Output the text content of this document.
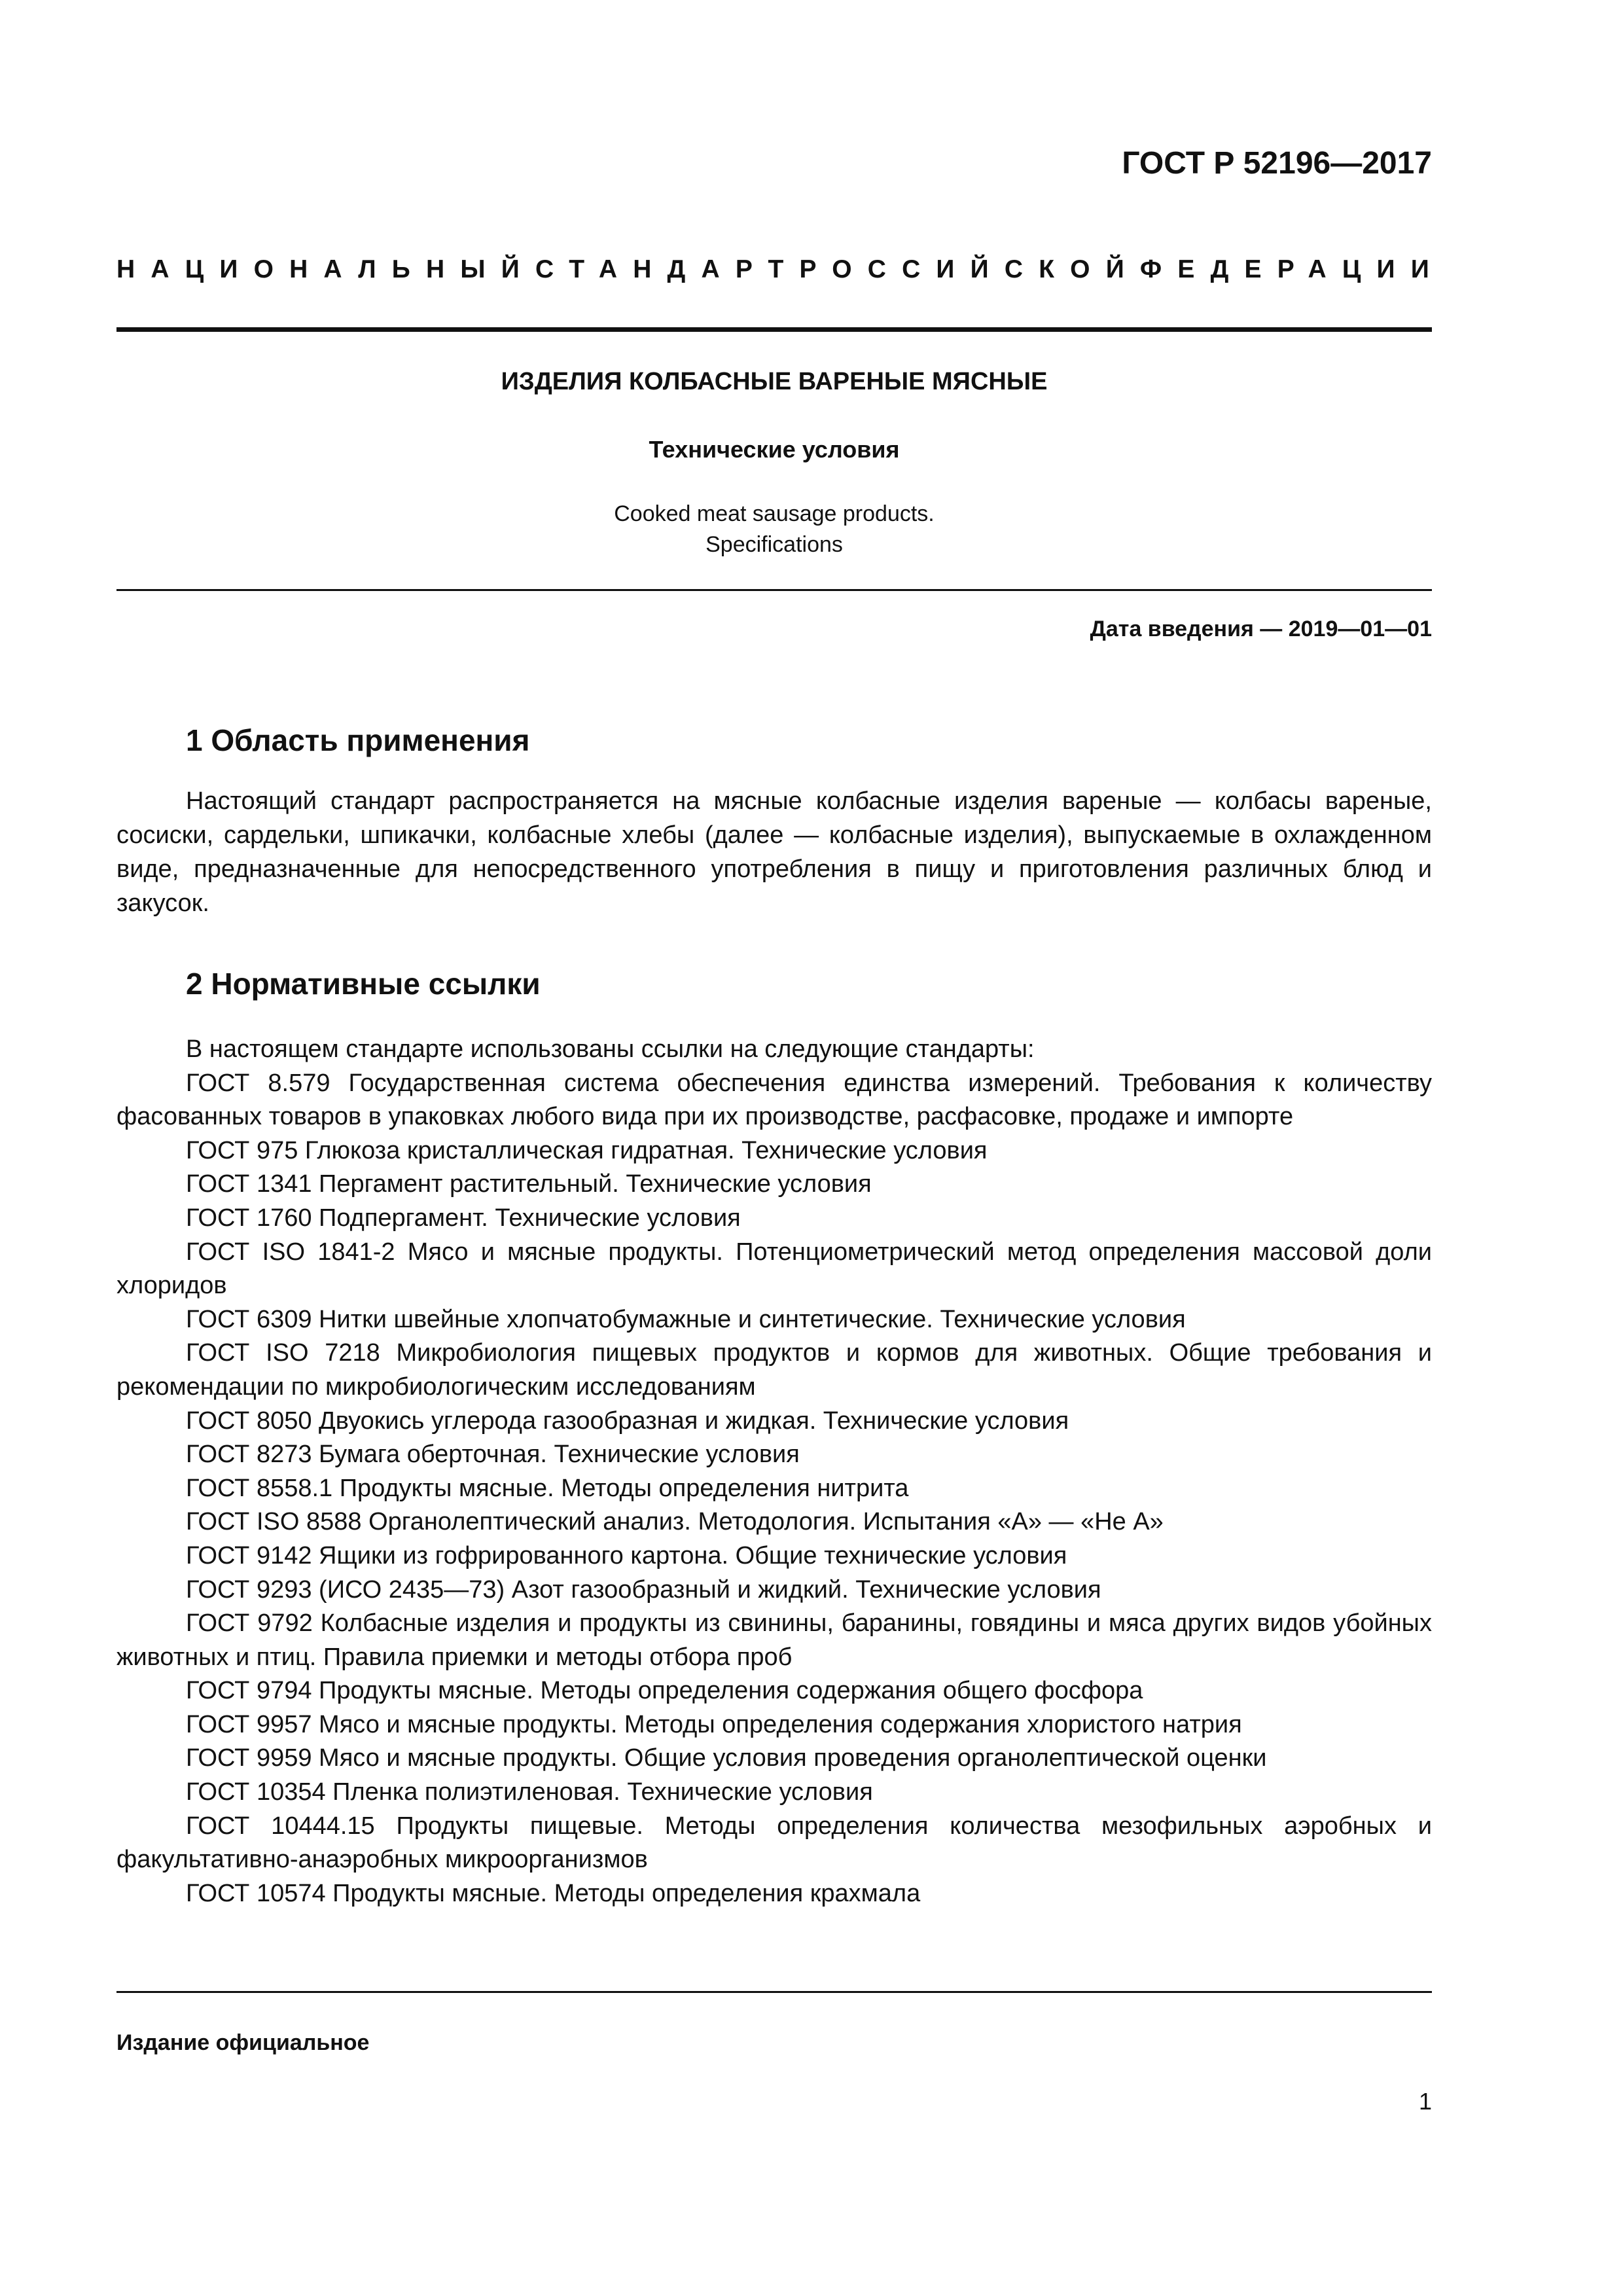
ГОСТ Р 52196—2017
НАЦИОНАЛЬНЫЙ СТАНДАРТ РОССИЙСКОЙ ФЕДЕРАЦИИ
ИЗДЕЛИЯ КОЛБАСНЫЕ ВАРЕНЫЕ МЯСНЫЕ
Технические условия
Cooked meat sausage products.
Specifications
Дата введения — 2019—01—01
1 Область применения
Настоящий стандарт распространяется на мясные колбасные изделия вареные — колбасы вареные, сосиски, сардельки, шпикачки, колбасные хлебы (далее — колбасные изделия), выпускаемые в охлажденном виде, предназначенные для непосредственного употребления в пищу и приготовления различных блюд и закусок.
2 Нормативные ссылки
В настоящем стандарте использованы ссылки на следующие стандарты:
ГОСТ 8.579 Государственная система обеспечения единства измерений. Требования к количеству фасованных товаров в упаковках любого вида при их производстве, расфасовке, продаже и импорте
ГОСТ 975 Глюкоза кристаллическая гидратная. Технические условия
ГОСТ 1341 Пергамент растительный. Технические условия
ГОСТ 1760 Подпергамент. Технические условия
ГОСТ ISO 1841-2 Мясо и мясные продукты. Потенциометрический метод определения массовой доли хлоридов
ГОСТ 6309 Нитки швейные хлопчатобумажные и синтетические. Технические условия
ГОСТ ISO 7218 Микробиология пищевых продуктов и кормов для животных. Общие требования и рекомендации по микробиологическим исследованиям
ГОСТ 8050 Двуокись углерода газообразная и жидкая. Технические условия
ГОСТ 8273 Бумага оберточная. Технические условия
ГОСТ 8558.1 Продукты мясные. Методы определения нитрита
ГОСТ ISO 8588 Органолептический анализ. Методология. Испытания «А» — «Не А»
ГОСТ 9142 Ящики из гофрированного картона. Общие технические условия
ГОСТ 9293 (ИСО 2435—73) Азот газообразный и жидкий. Технические условия
ГОСТ 9792 Колбасные изделия и продукты из свинины, баранины, говядины и мяса других видов убойных животных и птиц. Правила приемки и методы отбора проб
ГОСТ 9794 Продукты мясные. Методы определения содержания общего фосфора
ГОСТ 9957 Мясо и мясные продукты. Методы определения содержания хлористого натрия
ГОСТ 9959 Мясо и мясные продукты. Общие условия проведения органолептической оценки
ГОСТ 10354 Пленка полиэтиленовая. Технические условия
ГОСТ 10444.15 Продукты пищевые. Методы определения количества мезофильных аэробных и факультативно-анаэробных микроорганизмов
ГОСТ 10574 Продукты мясные. Методы определения крахмала
Издание официальное
1
